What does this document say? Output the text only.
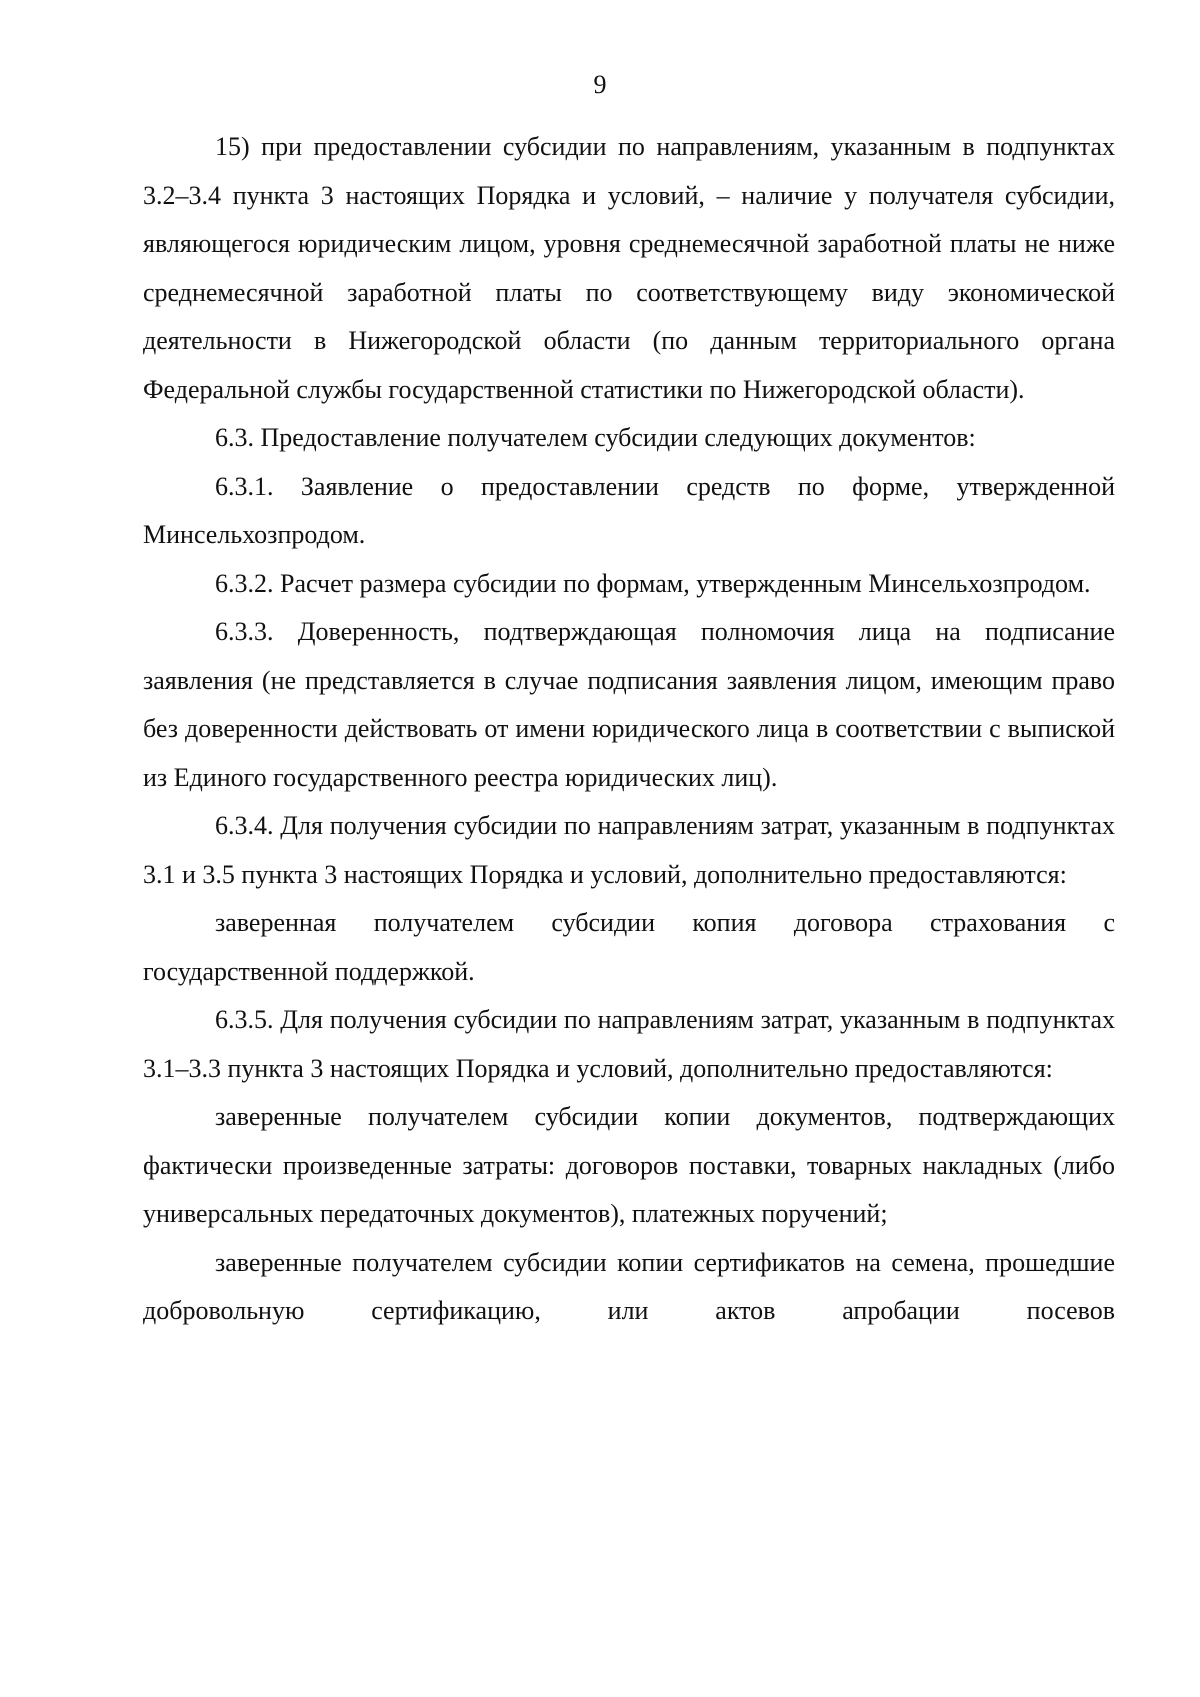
9

15) при предоставлении субсидии по направлениям, указанным в подпунктах 3.2–3.4 пункта 3 настоящих Порядка и условий, – наличие у получателя субсидии, являющегося юридическим лицом, уровня среднемесячной заработной платы не ниже среднемесячной заработной платы по соответствующему виду экономической деятельности в Нижегородской области (по данным территориального органа Федеральной службы государственной статистики по Нижегородской области).

6.3. Предоставление получателем субсидии следующих документов:

6.3.1. Заявление о предоставлении средств по форме, утвержденной Минсельхозпродом.

6.3.2. Расчет размера субсидии по формам, утвержденным Минсельхозпродом.

6.3.3. Доверенность, подтверждающая полномочия лица на подписание заявления (не представляется в случае подписания заявления лицом, имеющим право без доверенности действовать от имени юридического лица в соответствии с выпиской из Единого государственного реестра юридических лиц).

6.3.4. Для получения субсидии по направлениям затрат, указанным в подпунктах 3.1 и 3.5 пункта 3 настоящих Порядка и условий, дополнительно предоставляются:

заверенная получателем субсидии копия договора страхования с государственной поддержкой.

6.3.5. Для получения субсидии по направлениям затрат, указанным в подпунктах 3.1–3.3 пункта 3 настоящих Порядка и условий, дополнительно предоставляются:

заверенные получателем субсидии копии документов, подтверждающих фактически произведенные затраты: договоров поставки, товарных накладных (либо универсальных передаточных документов), платежных поручений;

заверенные получателем субсидии копии сертификатов на семена, прошедшие добровольную сертификацию, или актов апробации посевов
